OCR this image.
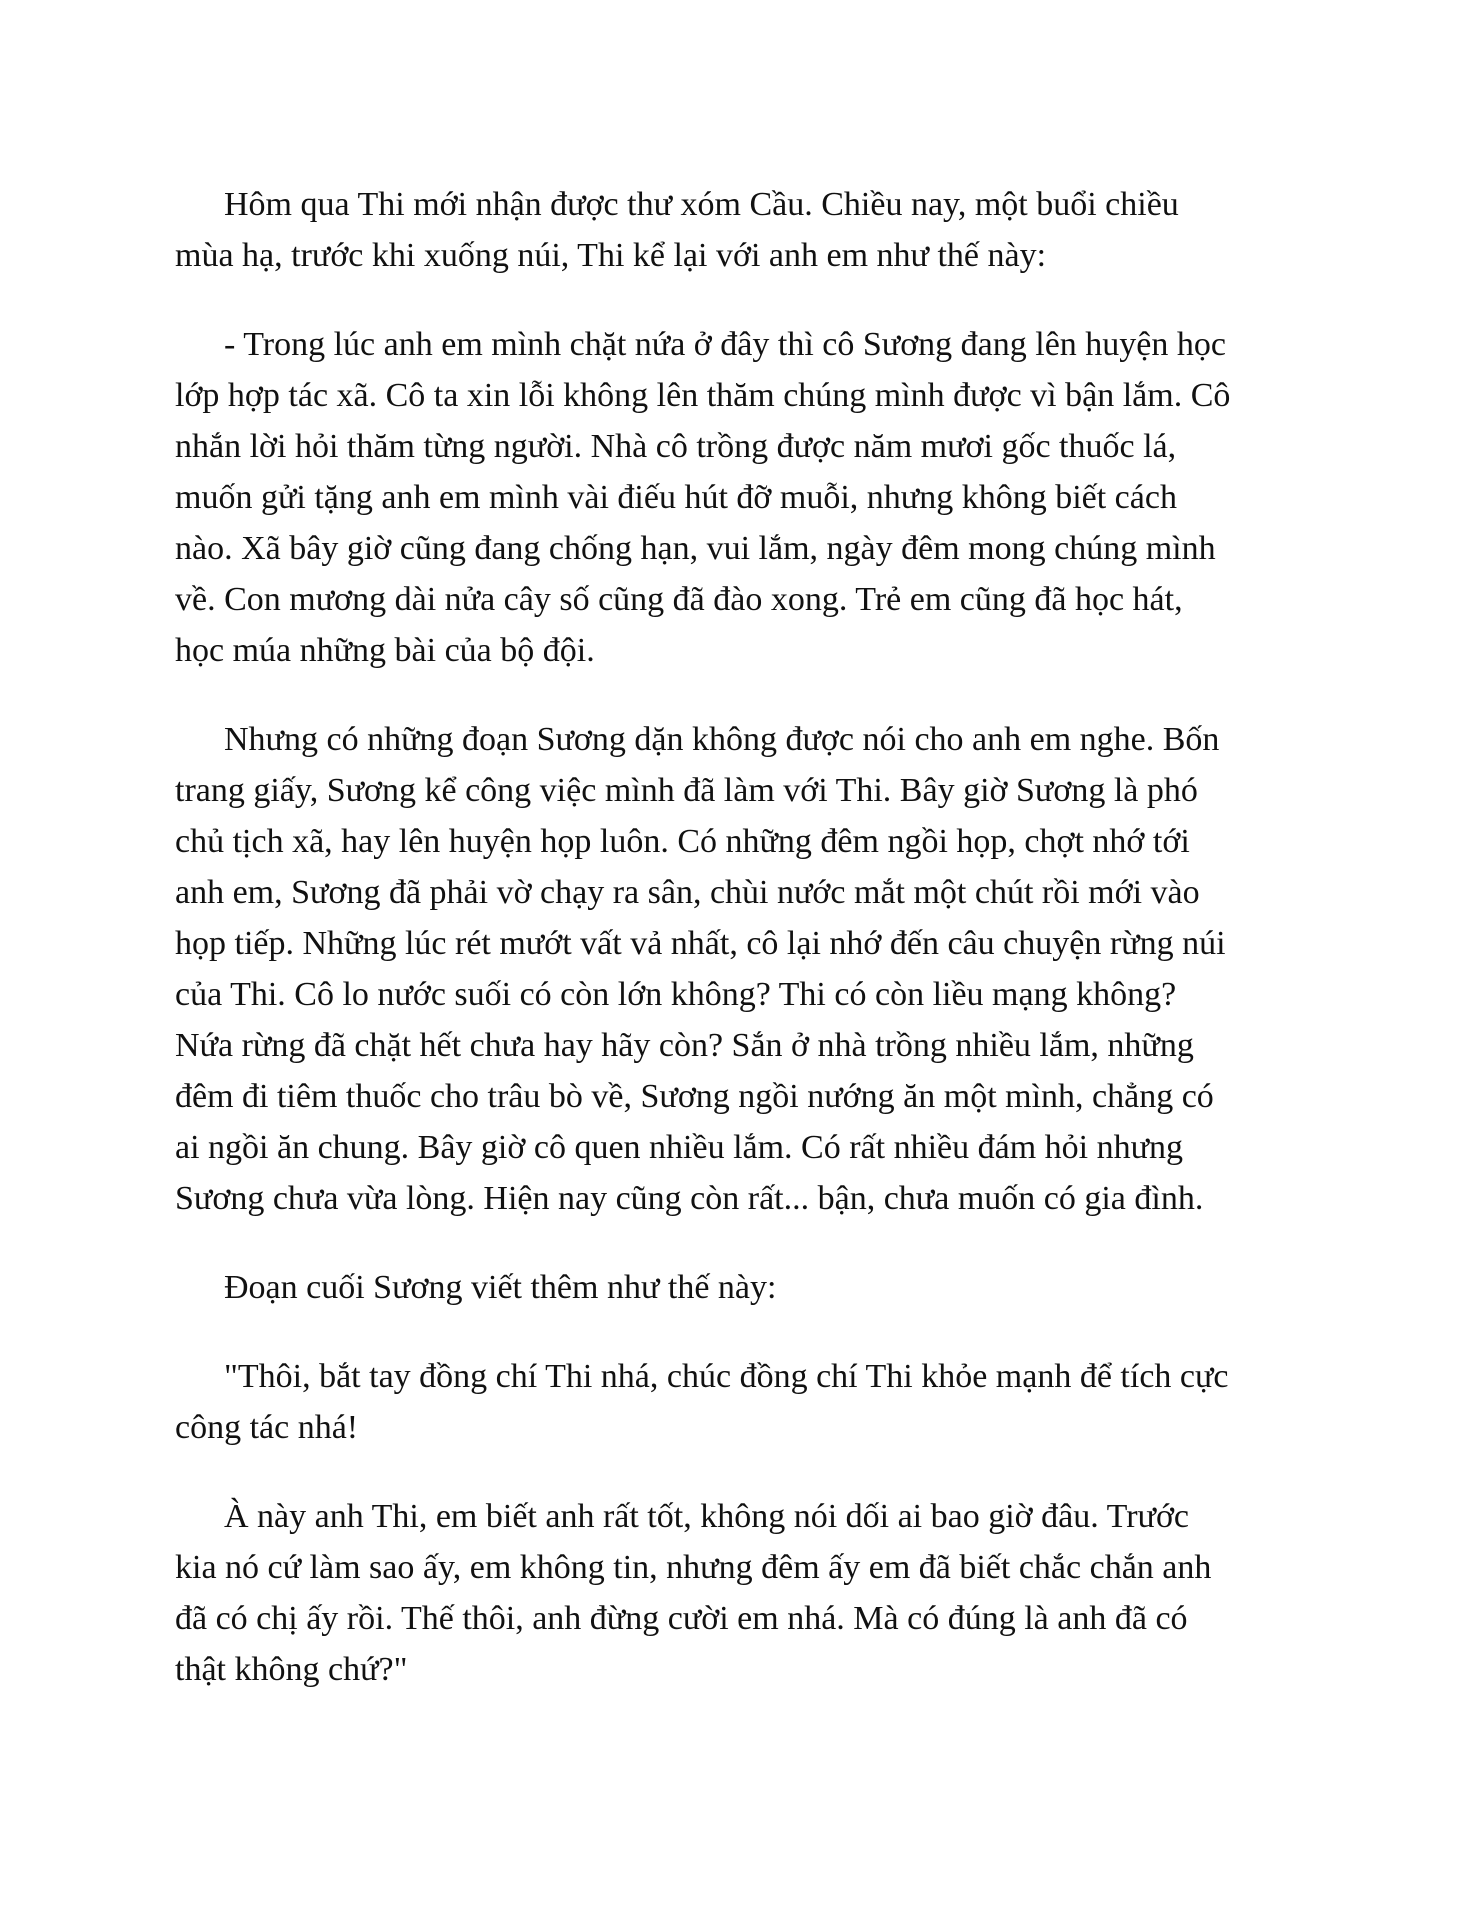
Hôm qua Thi mới nhận được thư xóm Cầu. Chiều nay, một buổi chiều
mùa hạ, trước khi xuống núi, Thi kể lại với anh em như thế này:

- Trong lúc anh em mình chặt nứa ở đây thì cô Sương đang lên huyện học
lớp hợp tác xã. Cô ta xin lỗi không lên thăm chúng mình được vì bận lắm. Cô
nhắn lời hỏi thăm từng người. Nhà cô trồng được năm mươi gốc thuốc lá,
muốn gửi tặng anh em mình vài điếu hút đỡ muỗi, nhưng không biết cách
nào. Xã bây giờ cũng đang chống hạn, vui lắm, ngày đêm mong chúng mình
về. Con mương dài nửa cây số cũng đã đào xong. Trẻ em cũng đã học hát,
học múa những bài của bộ đội.

Nhưng có những đoạn Sương dặn không được nói cho anh em nghe. Bốn
trang giấy, Sương kể công việc mình đã làm với Thi. Bây giờ Sương là phó
chủ tịch xã, hay lên huyện họp luôn. Có những đêm ngồi họp, chợt nhớ tới
anh em, Sương đã phải vờ chạy ra sân, chùi nước mắt một chút rồi mới vào
họp tiếp. Những lúc rét mướt vất vả nhất, cô lại nhớ đến câu chuyện rừng núi
của Thi. Cô lo nước suối có còn lớn không? Thi có còn liều mạng không?
Nứa rừng đã chặt hết chưa hay hãy còn? Sắn ở nhà trồng nhiều lắm, những
đêm đi tiêm thuốc cho trâu bò về, Sương ngồi nướng ăn một mình, chẳng có
ai ngồi ăn chung. Bây giờ cô quen nhiều lắm. Có rất nhiều đám hỏi nhưng
Sương chưa vừa lòng. Hiện nay cũng còn rất... bận, chưa muốn có gia đình.

Đoạn cuối Sương viết thêm như thế này:

"Thôi, bắt tay đồng chí Thi nhá, chúc đồng chí Thi khỏe mạnh để tích cực
công tác nhá!

À này anh Thi, em biết anh rất tốt, không nói dối ai bao giờ đâu. Trước
kia nó cứ làm sao ấy, em không tin, nhưng đêm ấy em đã biết chắc chắn anh
đã có chị ấy rồi. Thế thôi, anh đừng cười em nhá. Mà có đúng là anh đã có
thật không chứ?"
